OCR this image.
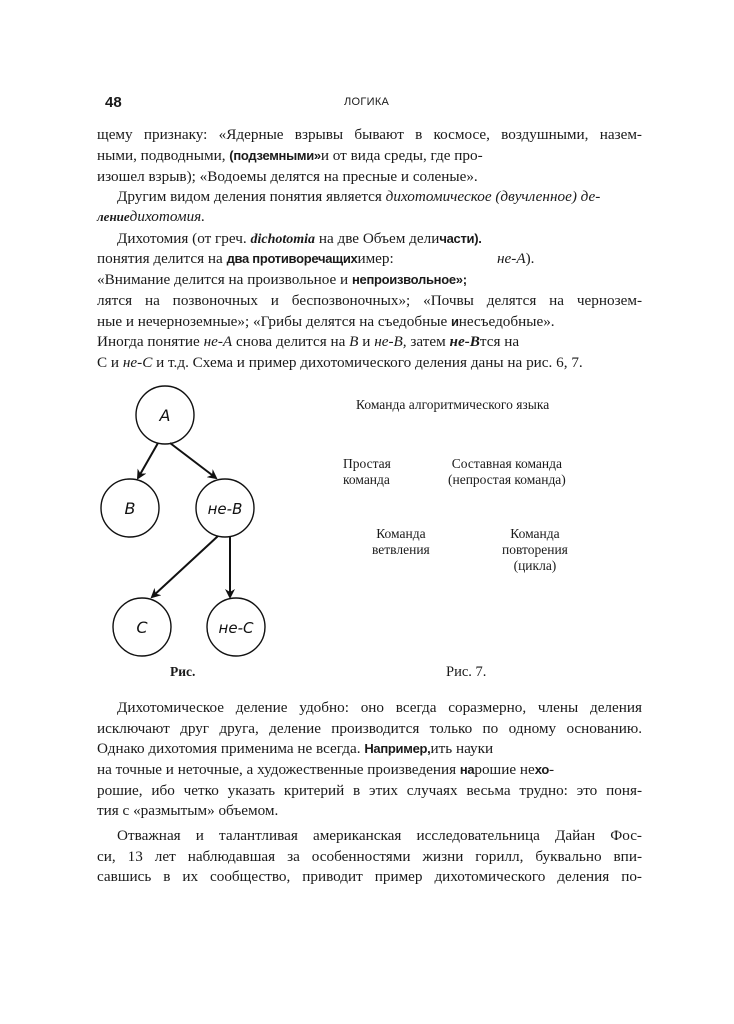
48	ЛОГИКА
щему признаку: «Ядерные взрывы бывают в космосе, воздушными, назем-
ными, подводными, (подземными»и от вида среды, где про-
изошел взрыв); «Водоемы делятся на пресные и соленые».
Другим видом деления понятия является дихотомическое (двучленное) де-
лениедихотомия.
Дихотомия (от греч. dichotomia на две Объем деличасти).
понятия делится на два противоречащихимер:	не-А).
«Внимание делится на произвольное и непроизвольное»;
лятся на позвоночных и беспозвоночных»; «Почвы делятся на чернозем-
ные и нечерноземные»; «Грибы делятся на съедобные инесъедобные».
Иногда понятие не-А снова делится на В и не-В, затем не-Втся на
С и не-С и т.д. Схема и пример дихотомического деления даны на рис. 6, 7.
A
B	не-B
C	не-C
Рис.
Команда алгоритмического языка
Простая
команда
Составная команда
(непростая команда)
Команда
ветвления
Команда
повторения
(цикла)
Рис. 7.
Дихотомическое деление удобно: оно всегда соразмерно, члены деления
исключают друг друга, деление производится только по одному основанию.
Однако дихотомия применима не всегда. Например,ить науки
на точные и неточные, а художественные произведения нарошие нехо-
рошие, ибо четко указать критерий в этих случаях весьма трудно: это поня-
тия с «размытым» объемом.
Отважная и талантливая американская исследовательница Дайан Фос-
си, 13 лет наблюдавшая за особенностями жизни горилл, буквально впи-
савшись в их сообщество, приводит пример дихотомического деления по-
